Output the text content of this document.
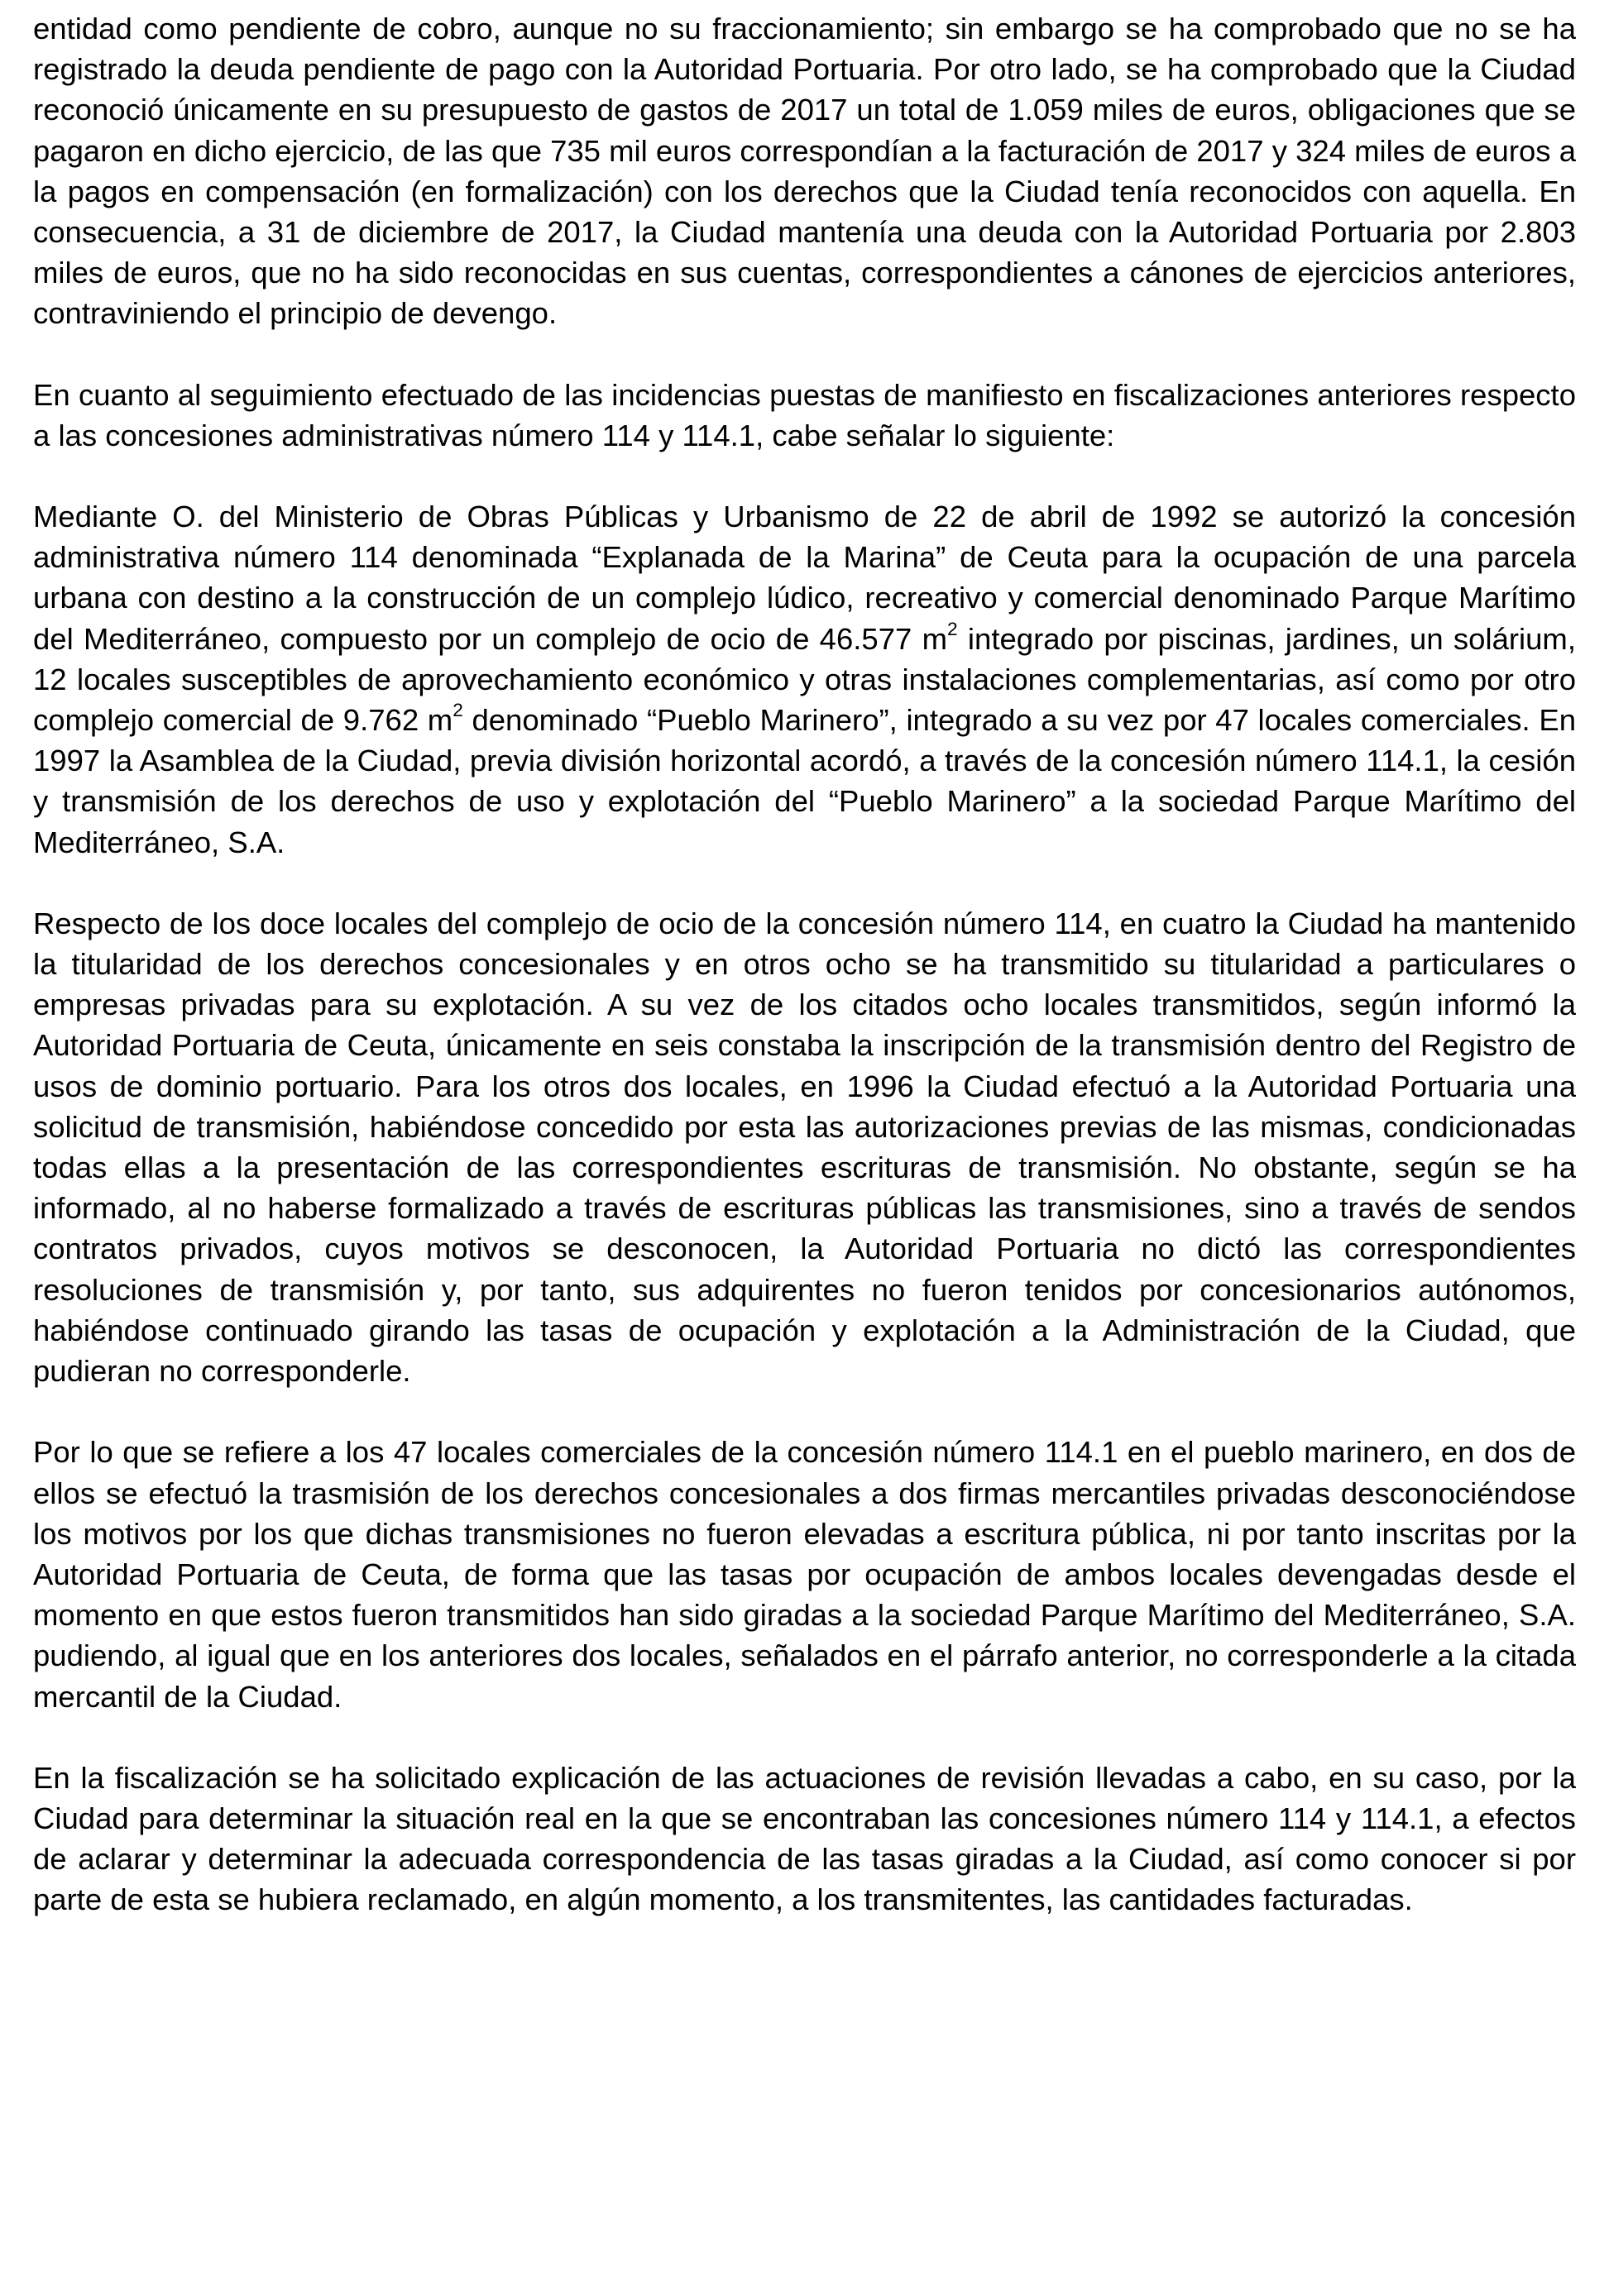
entidad como pendiente de cobro, aunque no su fraccionamiento; sin embargo se ha comprobado que no se ha registrado la deuda pendiente de pago con la Autoridad Portuaria. Por otro lado, se ha comprobado que la Ciudad reconoció únicamente en su presupuesto de gastos de 2017 un total de 1.059 miles de euros, obligaciones que se pagaron en dicho ejercicio, de las que 735 mil euros correspondían a la facturación de 2017 y 324 miles de euros a la pagos en compensación (en formalización) con los derechos que la Ciudad tenía reconocidos con aquella. En consecuencia, a 31 de diciembre de 2017, la Ciudad mantenía una deuda con la Autoridad Portuaria por 2.803 miles de euros, que no ha sido reconocidas en sus cuentas, correspondientes a cánones de ejercicios anteriores, contraviniendo el principio de devengo.

En cuanto al seguimiento efectuado de las incidencias puestas de manifiesto en fiscalizaciones anteriores respecto a las concesiones administrativas número 114 y 114.1, cabe señalar lo siguiente:

Mediante O. del Ministerio de Obras Públicas y Urbanismo de 22 de abril de 1992 se autorizó la concesión administrativa número 114 denominada “Explanada de la Marina” de Ceuta para la ocupación de una parcela urbana con destino a la construcción de un complejo lúdico, recreativo y comercial denominado Parque Marítimo del Mediterráneo, compuesto por un complejo de ocio de 46.577 $m^2$ integrado por piscinas, jardines, un solárium, 12 locales susceptibles de aprovechamiento económico y otras instalaciones complementarias, así como por otro complejo comercial de 9.762 $m^2$ denominado “Pueblo Marinero”, integrado a su vez por 47 locales comerciales. En 1997 la Asamblea de la Ciudad, previa división horizontal acordó, a través de la concesión número 114.1, la cesión y transmisión de los derechos de uso y explotación del “Pueblo Marinero” a la sociedad Parque Marítimo del Mediterráneo, S.A.

Respecto de los doce locales del complejo de ocio de la concesión número 114, en cuatro la Ciudad ha mantenido la titularidad de los derechos concesionales y en otros ocho se ha transmitido su titularidad a particulares o empresas privadas para su explotación. A su vez de los citados ocho locales transmitidos, según informó la Autoridad Portuaria de Ceuta, únicamente en seis constaba la inscripción de la transmisión dentro del Registro de usos de dominio portuario. Para los otros dos locales, en 1996 la Ciudad efectuó a la Autoridad Portuaria una solicitud de transmisión, habiéndose concedido por esta las autorizaciones previas de las mismas, condicionadas todas ellas a la presentación de las correspondientes escrituras de transmisión. No obstante, según se ha informado, al no haberse formalizado a través de escrituras públicas las transmisiones, sino a través de sendos contratos privados, cuyos motivos se desconocen, la Autoridad Portuaria no dictó las correspondientes resoluciones de transmisión y, por tanto, sus adquirentes no fueron tenidos por concesionarios autónomos, habiéndose continuado girando las tasas de ocupación y explotación a la Administración de la Ciudad, que pudieran no corresponderle.

Por lo que se refiere a los 47 locales comerciales de la concesión número 114.1 en el pueblo marinero, en dos de ellos se efectuó la trasmisión de los derechos concesionales a dos firmas mercantiles privadas desconociéndose los motivos por los que dichas transmisiones no fueron elevadas a escritura pública, ni por tanto inscritas por la Autoridad Portuaria de Ceuta, de forma que las tasas por ocupación de ambos locales devengadas desde el momento en que estos fueron transmitidos han sido giradas a la sociedad Parque Marítimo del Mediterráneo, S.A. pudiendo, al igual que en los anteriores dos locales, señalados en el párrafo anterior, no corresponderle a la citada mercantil de la Ciudad.

En la fiscalización se ha solicitado explicación de las actuaciones de revisión llevadas a cabo, en su caso, por la Ciudad para determinar la situación real en la que se encontraban las concesiones número 114 y 114.1, a efectos de aclarar y determinar la adecuada correspondencia de las tasas giradas a la Ciudad, así como conocer si por parte de esta se hubiera reclamado, en algún momento, a los transmitentes, las cantidades facturadas.
